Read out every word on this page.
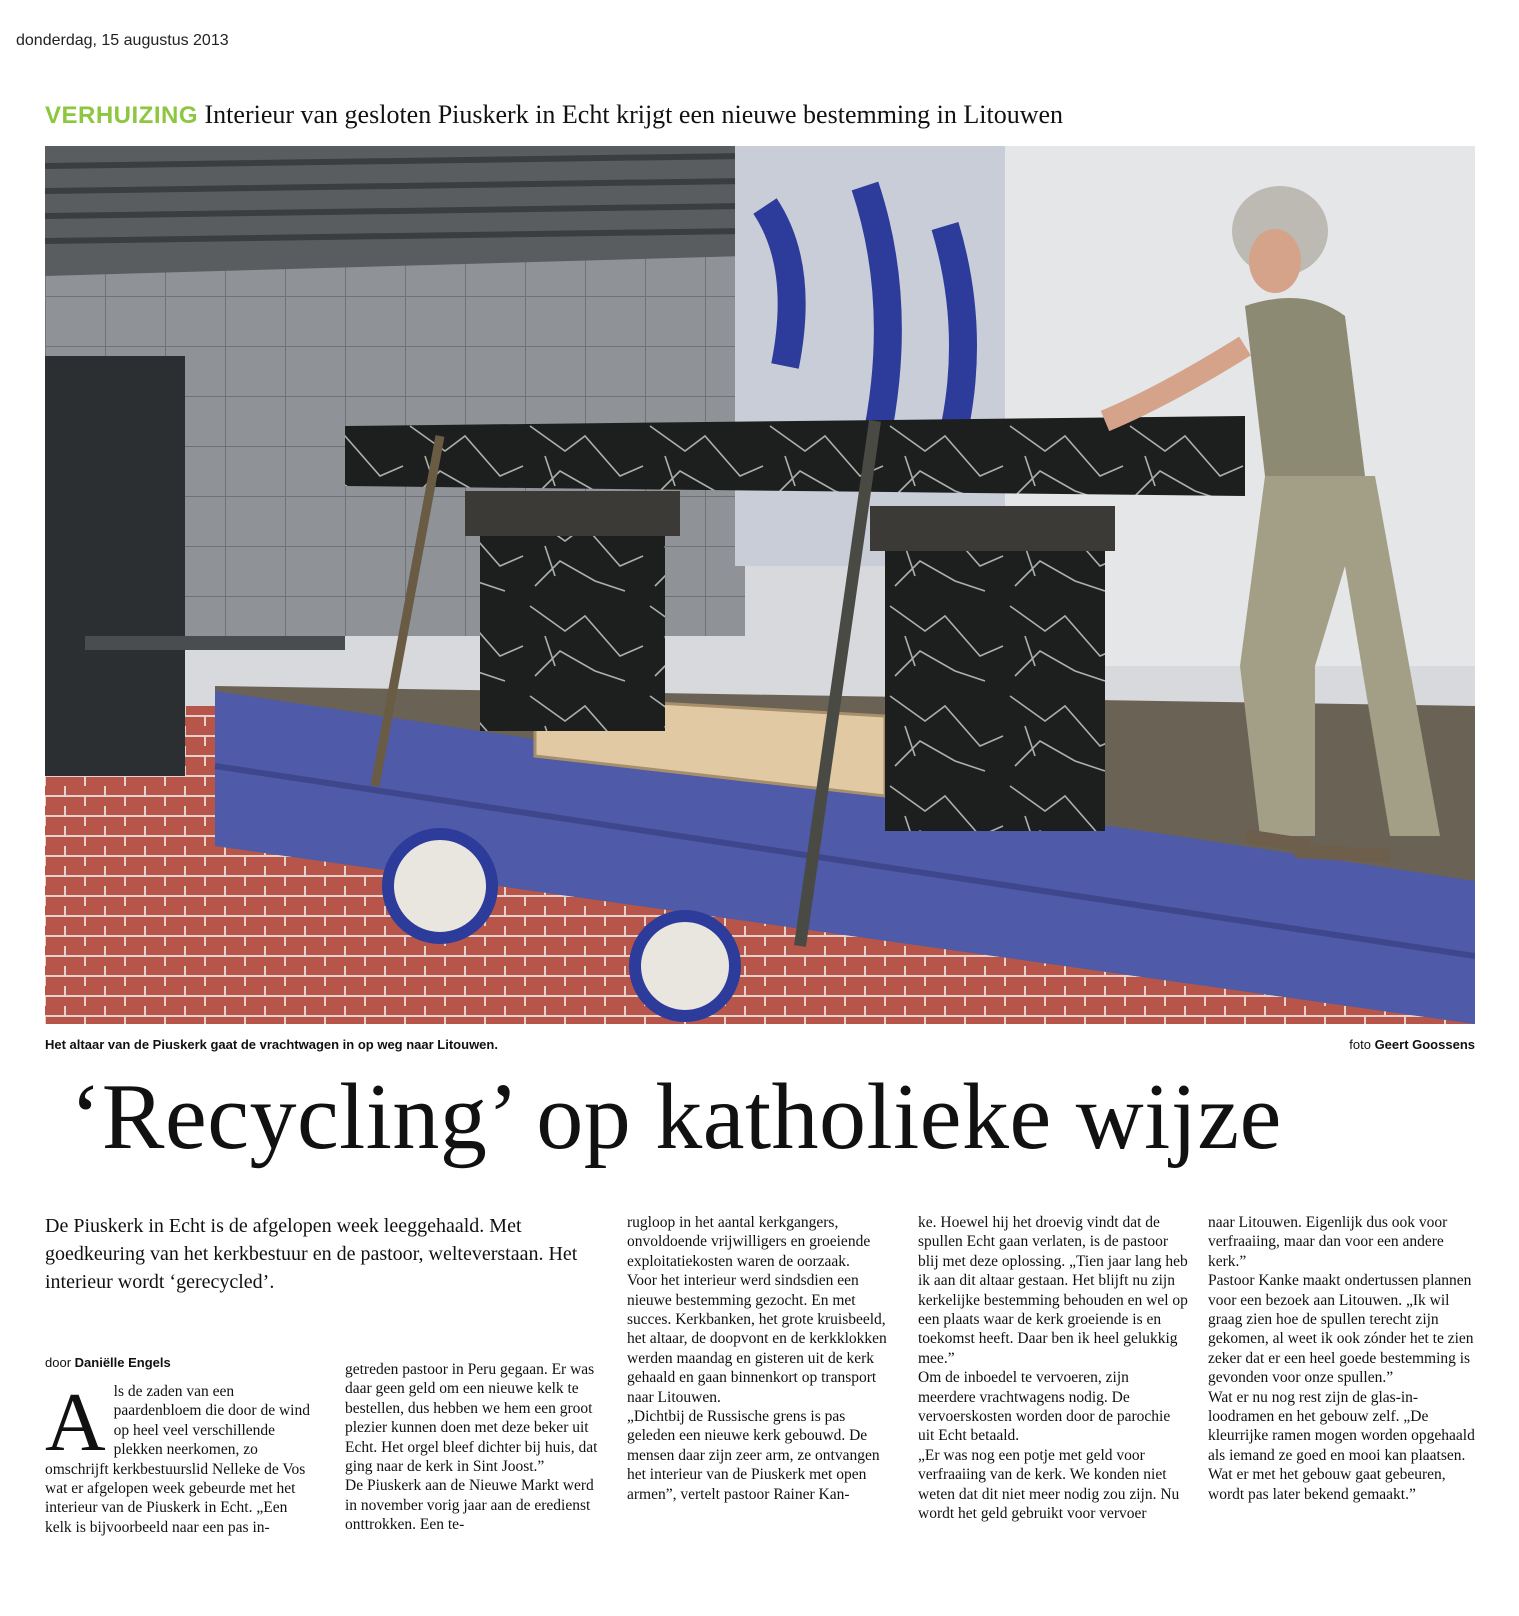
donderdag, 15 augustus 2013
VERHUIZING Interieur van gesloten Piuskerk in Echt krijgt een nieuwe bestemming in Litouwen
Het altaar van de Piuskerk gaat de vrachtwagen in op weg naar Litouwen.	foto Geert Goossens
‘Recycling’ op katholieke wijze
De Piuskerk in Echt is de afgelopen week leeggehaald. Met goedkeuring van het kerkbestuur en de pastoor, welteverstaan. Het interieur wordt ‘gerecycled’.
door Daniëlle Engels
A ls de zaden van een paardenbloem die door de wind op heel veel verschillende plekken neerkomen, zo omschrijft kerkbestuurslid Nelleke de Vos wat er afgelopen week gebeurde met het interieur van de Piuskerk in Echt. „Een kelk is bijvoorbeeld naar een pas in-

getreden pastoor in Peru gegaan. Er was daar geen geld om een nieuwe kelk te bestellen, dus hebben we hem een groot plezier kunnen doen met deze beker uit Echt. Het orgel bleef dichter bij huis, dat ging naar de kerk in Sint Joost.”

De Piuskerk aan de Nieuwe Markt werd in november vorig jaar aan de eredienst onttrokken. Een te-

rugloop in het aantal kerkgangers, onvoldoende vrijwilligers en groeiende exploitatiekosten waren de oorzaak.

Voor het interieur werd sindsdien een nieuwe bestemming gezocht. En met succes. Kerkbanken, het grote kruisbeeld, het altaar, de doopvont en de kerkklokken werden maandag en gisteren uit de kerk gehaald en gaan binnenkort op transport naar Litouwen.

„Dichtbij de Russische grens is pas geleden een nieuwe kerk gebouwd. De mensen daar zijn zeer arm, ze ontvangen het interieur van de Piuskerk met open armen”, vertelt pastoor Rainer Kan-

ke. Hoewel hij het droevig vindt dat de spullen Echt gaan verlaten, is de pastoor blij met deze oplossing. „Tien jaar lang heb ik aan dit altaar gestaan. Het blijft nu zijn kerkelijke bestemming behouden en wel op een plaats waar de kerk groeiende is en toekomst heeft. Daar ben ik heel gelukkig mee.”

Om de inboedel te vervoeren, zijn meerdere vrachtwagens nodig. De vervoerskosten worden door de parochie uit Echt betaald.

„Er was nog een potje met geld voor verfraaiing van de kerk. We konden niet weten dat dit niet meer nodig zou zijn. Nu wordt het geld gebruikt voor vervoer

naar Litouwen. Eigenlijk dus ook voor verfraaiing, maar dan voor een andere kerk.”

Pastoor Kanke maakt ondertussen plannen voor een bezoek aan Litouwen. „Ik wil graag zien hoe de spullen terecht zijn gekomen, al weet ik ook zónder het te zien zeker dat er een heel goede bestemming is gevonden voor onze spullen.”

Wat er nu nog rest zijn de glas-in-loodramen en het gebouw zelf. „De kleurrijke ramen mogen worden opgehaald als iemand ze goed en mooi kan plaatsen. Wat er met het gebouw gaat gebeuren, wordt pas later bekend gemaakt.”
